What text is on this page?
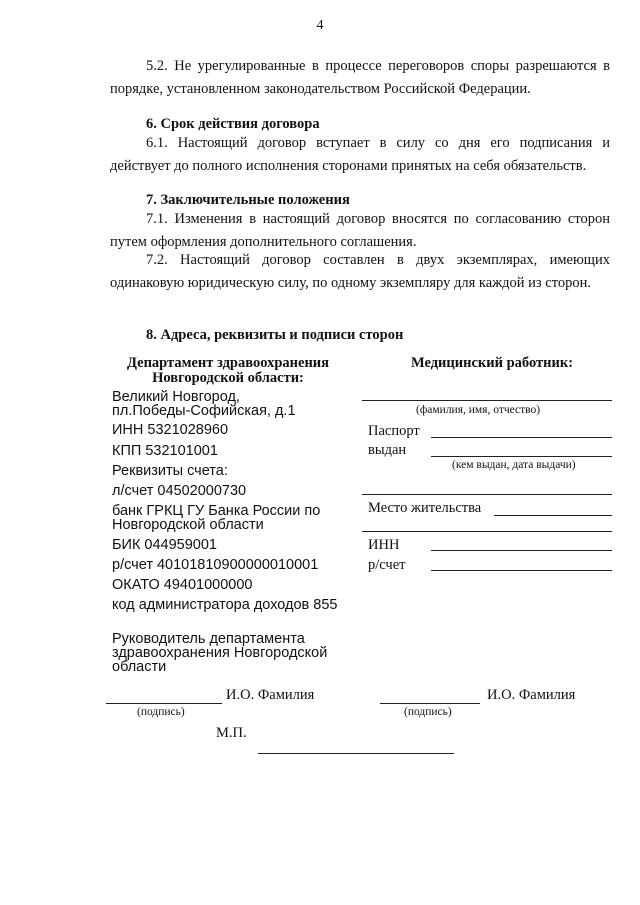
4
5.2. Не урегулированные в процессе переговоров споры разрешаются в порядке, установленном законодательством Российской Федерации.
6. Срок действия договора
6.1. Настоящий договор вступает в силу со дня его подписания и действует до полного исполнения сторонами принятых на себя обязательств.
7. Заключительные положения
7.1. Изменения в настоящий договор вносятся по согласованию сторон путем оформления дополнительного соглашения.
7.2. Настоящий договор составлен в двух экземплярах, имеющих одинаковую юридическую силу, по одному экземпляру для каждой из сторон.
8. Адреса, реквизиты и подписи сторон
Департамент здравоохранения Новгородской области:
Великий Новгород,
пл.Победы-Софийская, д.1
ИНН 5321028960
КПП 532101001
Реквизиты счета:
л/счет 04502000730
банк ГРКЦ ГУ Банка России по
Новгородской области
БИК 044959001
р/счет 40101810900000010001
ОКАТО 49401000000
код администратора доходов 855
Руководитель департамента
здравоохранения Новгородской
области
И.О. Фамилия
(подпись)
М.П.
Медицинский работник:
(фамилия, имя, отчество)
Паспорт
выдан
(кем выдан, дата выдачи)
Место жительства
ИНН
р/счет
И.О. Фамилия
(подпись)
